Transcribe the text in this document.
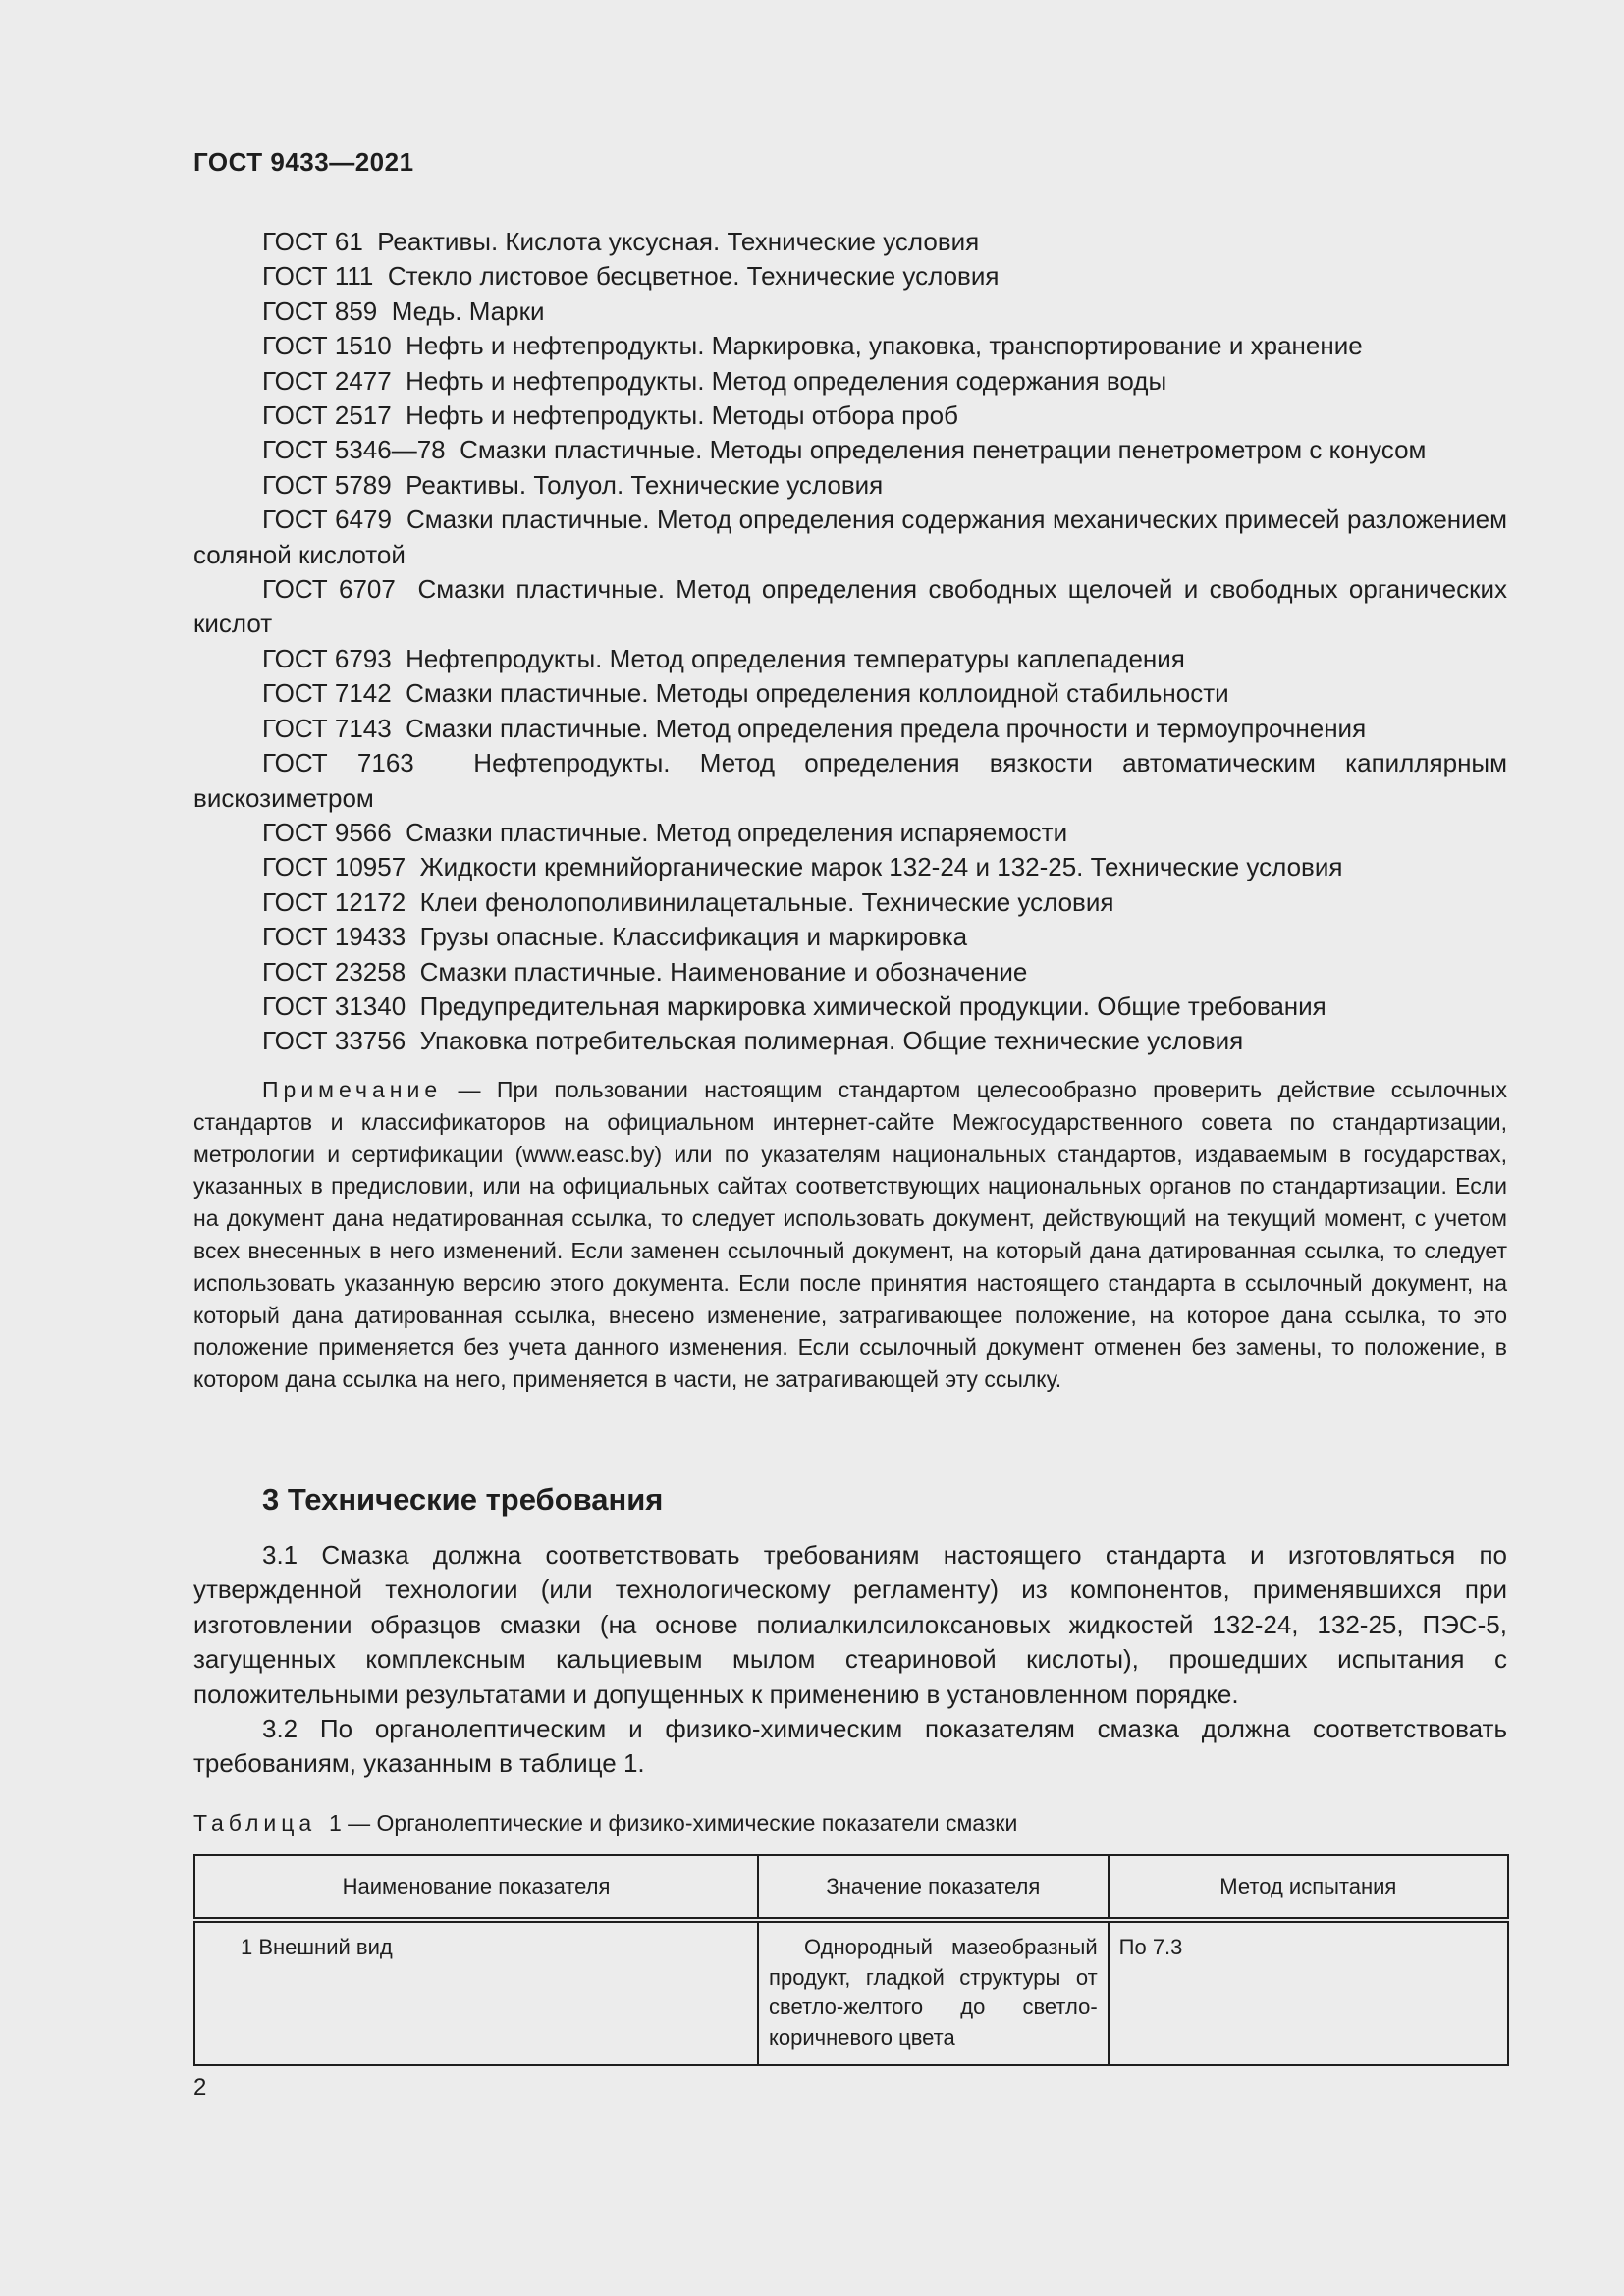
ГОСТ 9433—2021
ГОСТ 61 Реактивы. Кислота уксусная. Технические условия
ГОСТ 111 Стекло листовое бесцветное. Технические условия
ГОСТ 859 Медь. Марки
ГОСТ 1510 Нефть и нефтепродукты. Маркировка, упаковка, транспортирование и хранение
ГОСТ 2477 Нефть и нефтепродукты. Метод определения содержания воды
ГОСТ 2517 Нефть и нефтепродукты. Методы отбора проб
ГОСТ 5346—78 Смазки пластичные. Методы определения пенетрации пенетрометром с конусом
ГОСТ 5789 Реактивы. Толуол. Технические условия
ГОСТ 6479 Смазки пластичные. Метод определения содержания механических примесей разложением соляной кислотой
ГОСТ 6707 Смазки пластичные. Метод определения свободных щелочей и свободных органических кислот
ГОСТ 6793 Нефтепродукты. Метод определения температуры каплепадения
ГОСТ 7142 Смазки пластичные. Методы определения коллоидной стабильности
ГОСТ 7143 Смазки пластичные. Метод определения предела прочности и термоупрочнения
ГОСТ 7163 Нефтепродукты. Метод определения вязкости автоматическим капиллярным вискозиметром
ГОСТ 9566 Смазки пластичные. Метод определения испаряемости
ГОСТ 10957 Жидкости кремнийорганические марок 132-24 и 132-25. Технические условия
ГОСТ 12172 Клеи фенолополивинилацетальные. Технические условия
ГОСТ 19433 Грузы опасные. Классификация и маркировка
ГОСТ 23258 Смазки пластичные. Наименование и обозначение
ГОСТ 31340 Предупредительная маркировка химической продукции. Общие требования
ГОСТ 33756 Упаковка потребительская полимерная. Общие технические условия
Примечание — При пользовании настоящим стандартом целесообразно проверить действие ссылочных стандартов и классификаторов на официальном интернет-сайте Межгосударственного совета по стандартизации, метрологии и сертификации (www.easc.by) или по указателям национальных стандартов, издаваемым в государствах, указанных в предисловии, или на официальных сайтах соответствующих национальных органов по стандартизации. Если на документ дана недатированная ссылка, то следует использовать документ, действующий на текущий момент, с учетом всех внесенных в него изменений. Если заменен ссылочный документ, на который дана датированная ссылка, то следует использовать указанную версию этого документа. Если после принятия настоящего стандарта в ссылочный документ, на который дана датированная ссылка, внесено изменение, затрагивающее положение, на которое дана ссылка, то это положение применяется без учета данного изменения. Если ссылочный документ отменен без замены, то положение, в котором дана ссылка на него, применяется в части, не затрагивающей эту ссылку.
3 Технические требования

3.1 Смазка должна соответствовать требованиям настоящего стандарта и изготовляться по утвержденной технологии (или технологическому регламенту) из компонентов, применявшихся при изготовлении образцов смазки (на основе полиалкилсилоксановых жидкостей 132-24, 132-25, ПЭС-5, загущенных комплексным кальциевым мылом стеариновой кислоты), прошедших испытания с положительными результатами и допущенных к применению в установленном порядке.

3.2 По органолептическим и физико-химическим показателям смазка должна соответствовать требованиям, указанным в таблице 1.

Таблица 1 — Органолептические и физико-химические показатели смазки
Наименование показателя	Значение показателя	Метод испытания

1 Внешний вид	Однородный мазеобразный продукт, гладкой структуры от светло-желтого до светло-коричневого цвета	По 7.3
2
